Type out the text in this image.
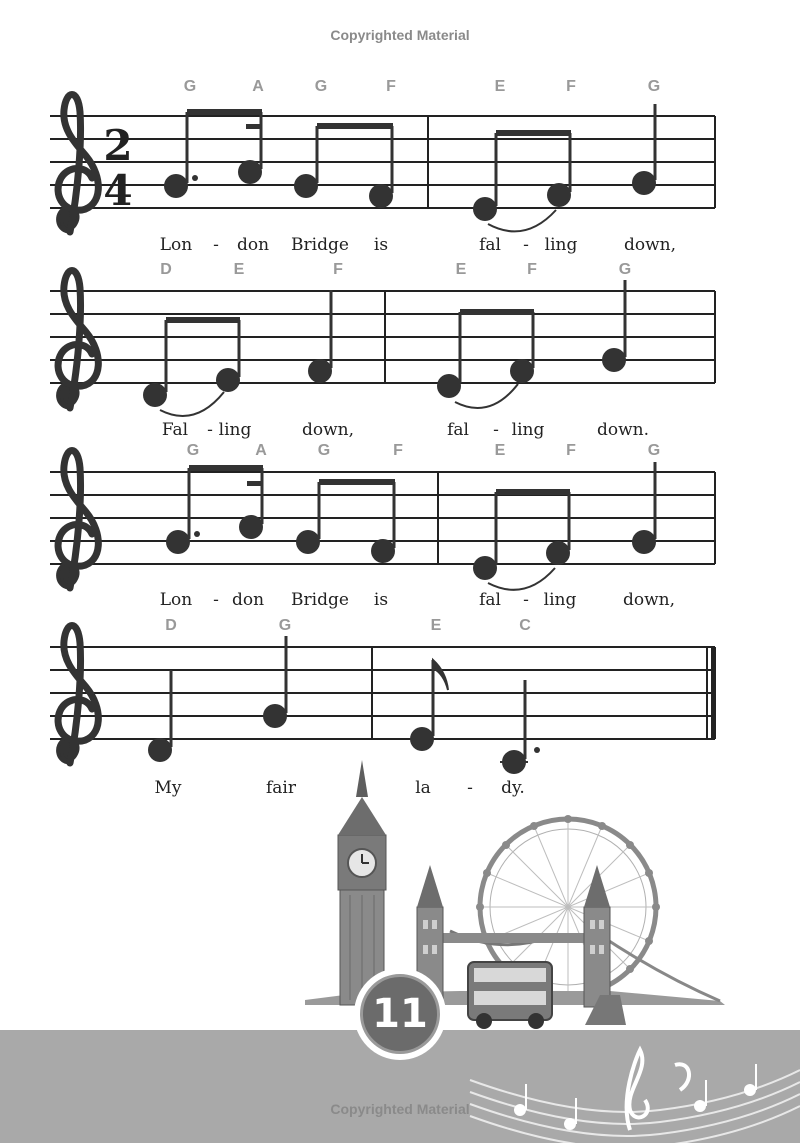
Copyrighted Material
2
4
G	A	G	F	E	F	G
Lon - don Bridge is	fal - ling	down,
D	E	F	E	F	G
Fal - ling	down,	fal - ling	down.
G	A	G	F	E	F	G
Lon - don Bridge is	fal - ling	down,
D	G	E	C
My	fair	la - dy.
11
Copyrighted Material
